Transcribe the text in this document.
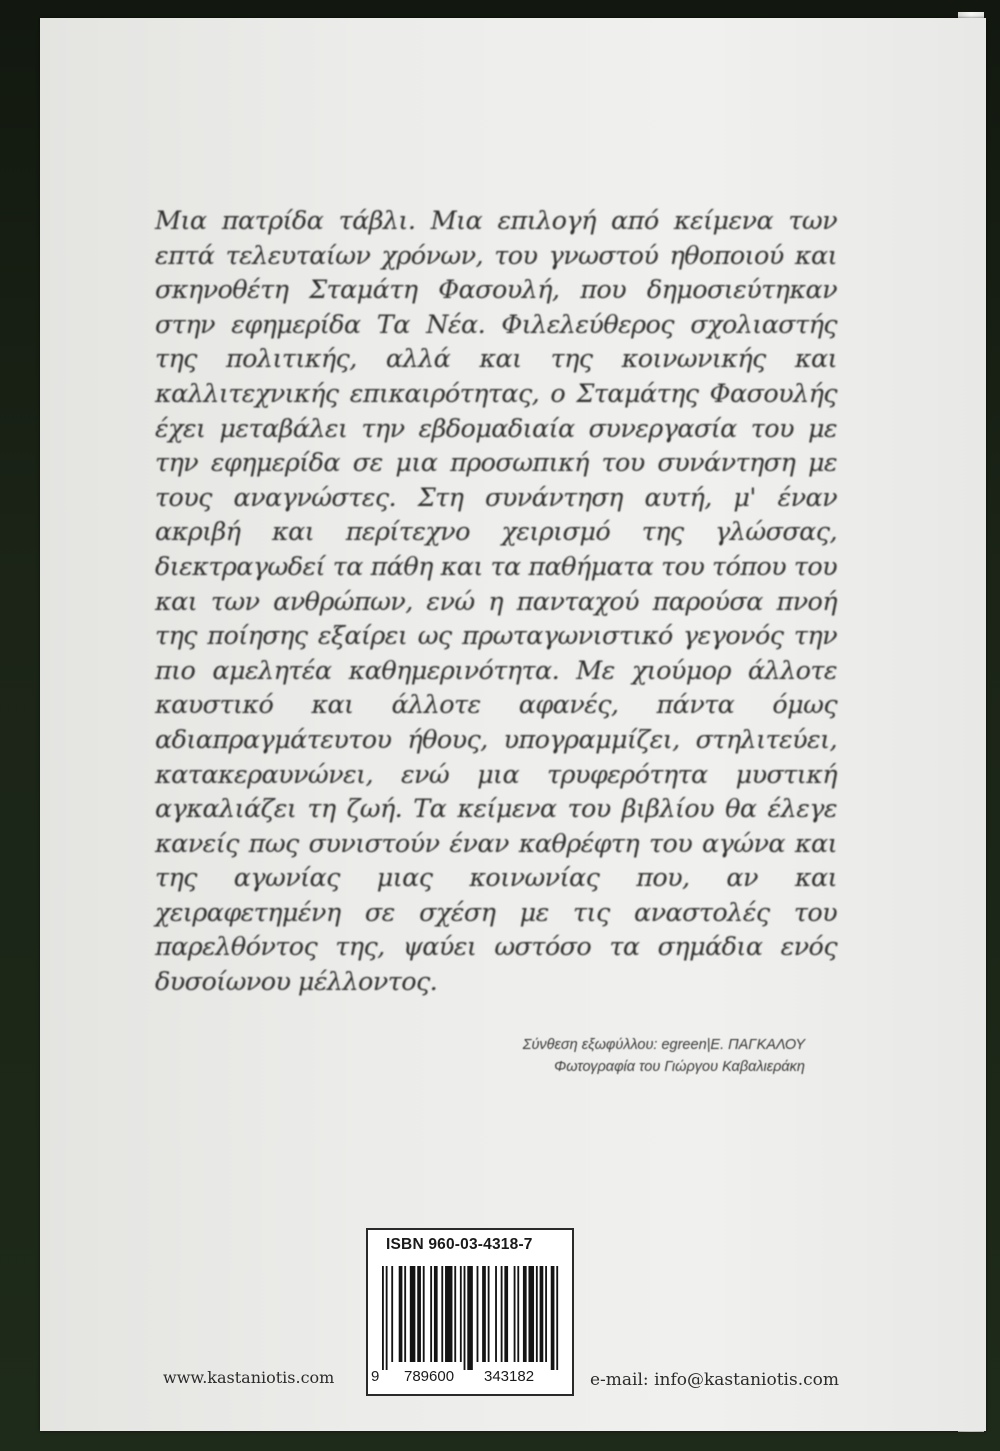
Μια πατρίδα τάβλι. Μια επιλογή από κείμενα των επτά τελευταίων χρόνων, του γνωστού ηθοποιού και σκηνοθέτη Σταμάτη Φασουλή, που δημοσιεύτηκαν στην εφημερίδα Τα Νέα. Φιλελεύθερος σχολιαστής της πολιτικής, αλλά και της κοινωνικής και καλλιτεχνικής επικαιρότητας, ο Σταμάτης Φασουλής έχει μεταβάλει την εβδομαδιαία συνεργασία του με την εφημερίδα σε μια προσωπική του συνάντηση με τους αναγνώστες. Στη συνάντηση αυτή, μ' έναν ακριβή και περίτεχνο χειρισμό της γλώσσας, διεκτραγωδεί τα πάθη και τα παθήματα του τόπου του και των ανθρώπων, ενώ η πανταχού παρούσα πνοή της ποίησης εξαίρει ως πρωταγωνιστικό γεγονός την πιο αμελητέα καθημερινότητα. Με χιούμορ άλλοτε καυστικό και άλλοτε αφανές, πάντα όμως αδιαπραγμάτευτου ήθους, υπογραμμίζει, στηλιτεύει, κατακεραυνώνει, ενώ μια τρυφερότητα μυστική αγκαλιάζει τη ζωή. Τα κείμενα του βιβλίου θα έλεγε κανείς πως συνιστούν έναν καθρέφτη του αγώνα και της αγωνίας μιας κοινωνίας που, αν και χειραφετημένη σε σχέση με τις αναστολές του παρελθόντος της, ψαύει ωστόσο τα σημάδια ενός δυσοίωνου μέλλοντος.

Σύνθεση εξωφύλλου: egreen|Ε. ΠΑΓΚΑΛΟΥ
Φωτογραφία του Γιώργου Καβαλιεράκη
ISBN 960-03-4318-7
9 789600 343182
www.kastaniotis.com	e-mail: info@kastaniotis.com
